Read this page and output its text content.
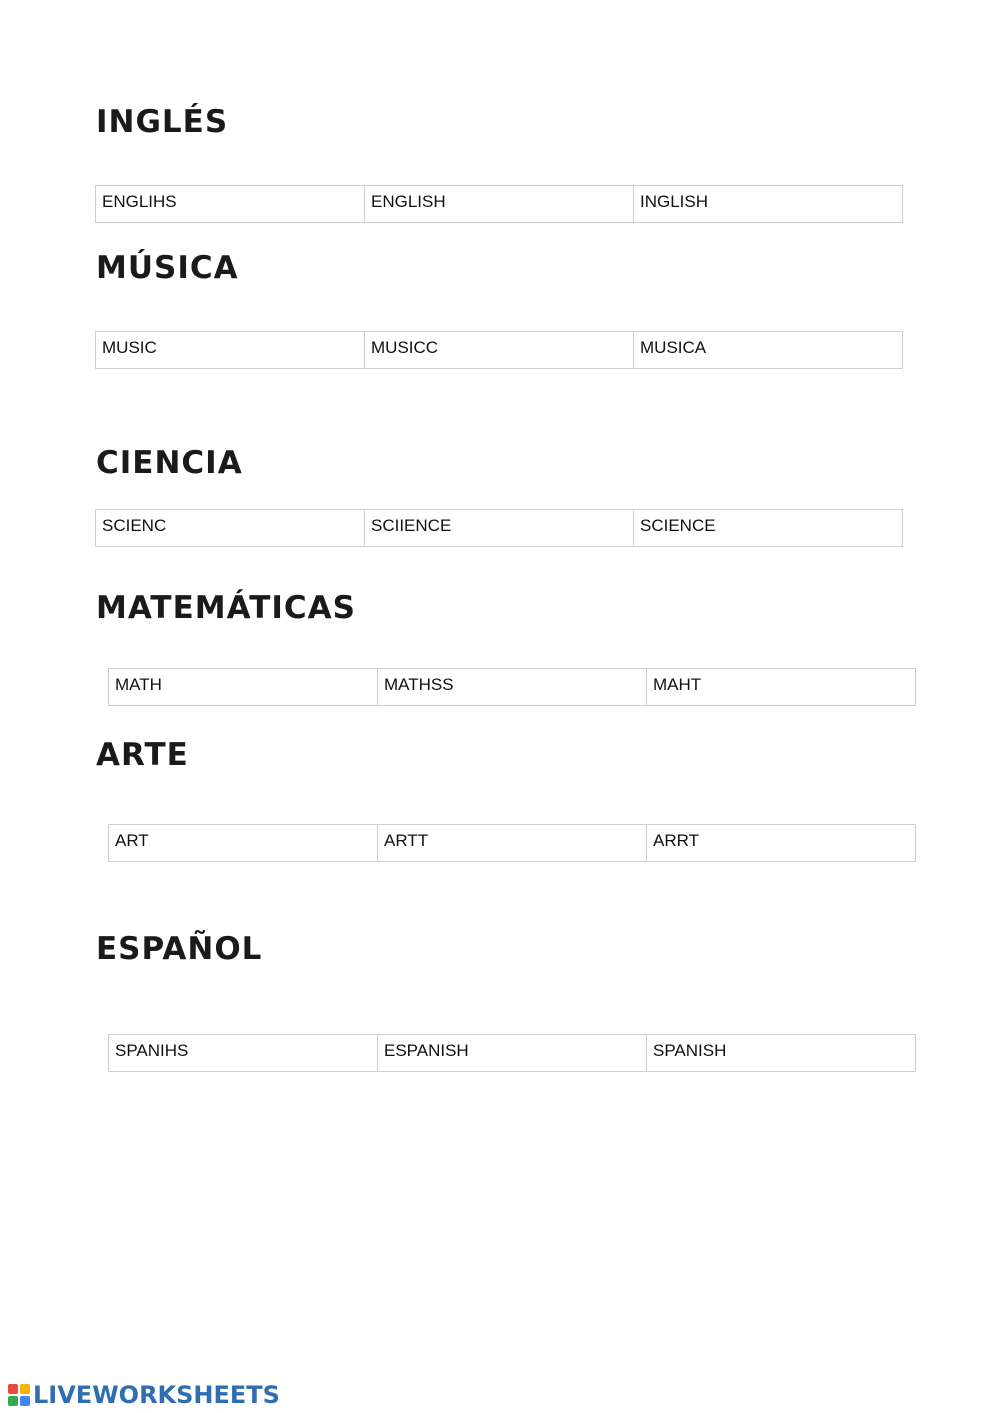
INGLÉS
ENGLIHS	ENGLISH	INGLISH
MÚSICA
MUSIC	MUSICC	MUSICA
CIENCIA
SCIENC	SCIIENCE	SCIENCE
MATEMÁTICAS
MATH	MATHSS	MAHT
ARTE
ART	ARTT	ARRT
ESPAÑOL
SPANIHS	ESPANISH	SPANISH
LIVEWORKSHEETS
